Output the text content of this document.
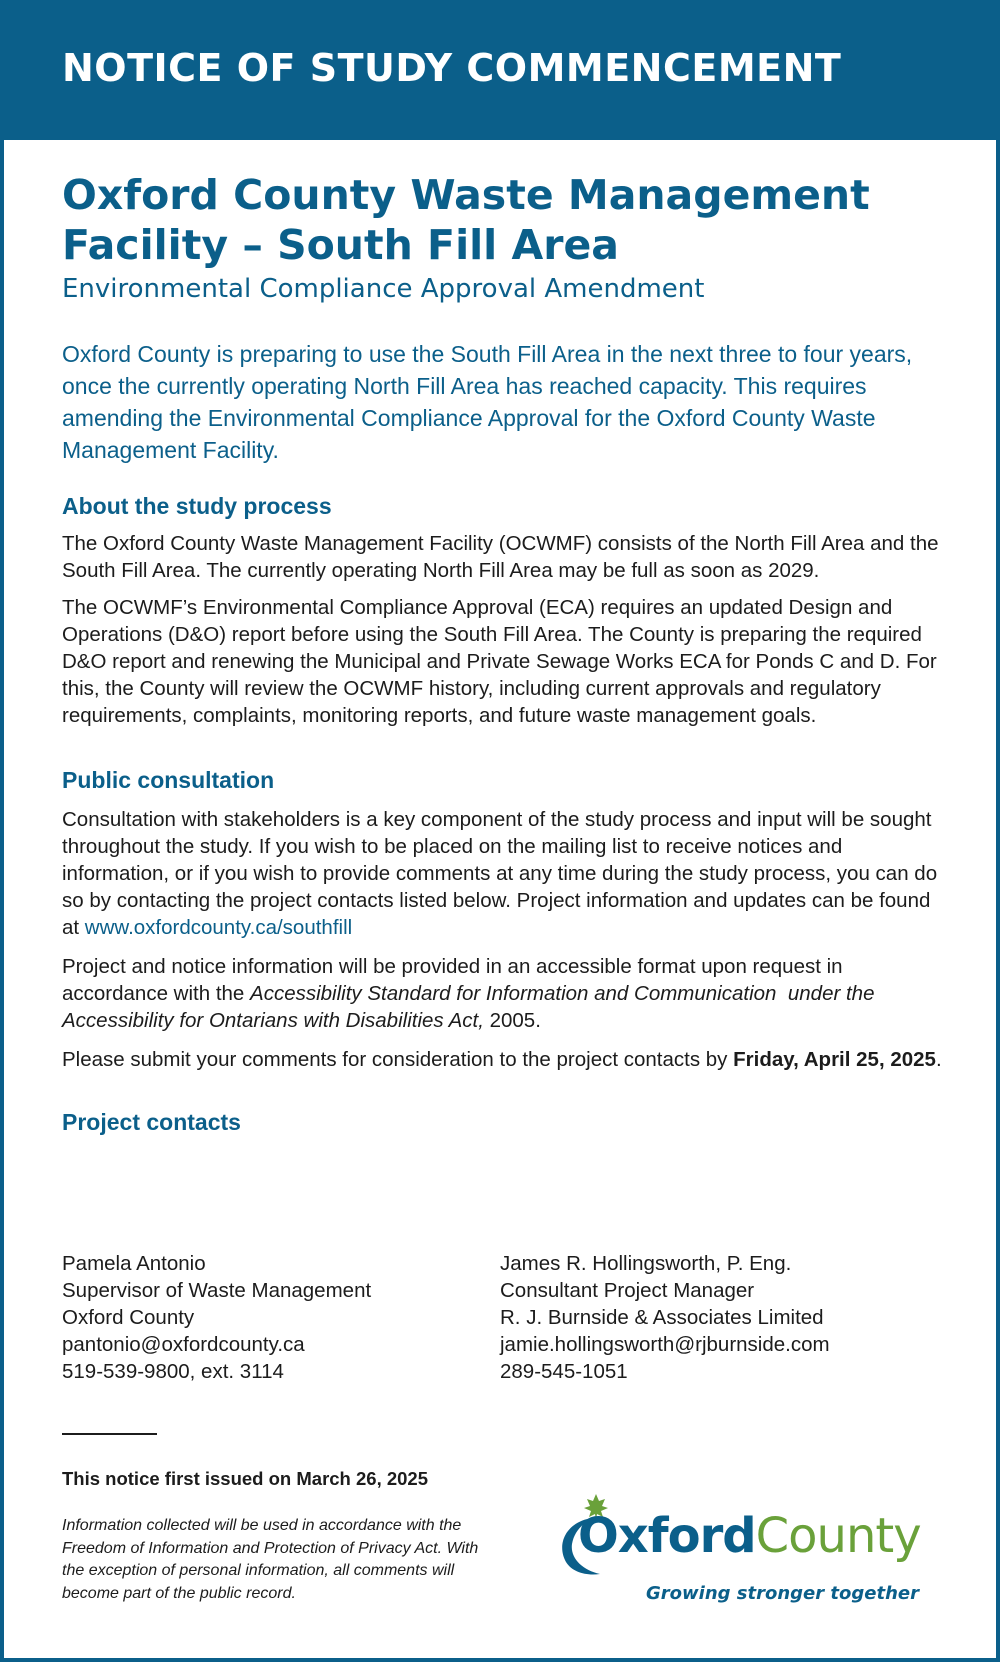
NOTICE OF STUDY COMMENCEMENT
Oxford County Waste Management
Facility – South Fill Area
Environmental Compliance Approval Amendment

Oxford County is preparing to use the South Fill Area in the next three to four years, once the currently operating North Fill Area has reached capacity. This requires amending the Environmental Compliance Approval for the Oxford County Waste Management Facility.

About the study process

The Oxford County Waste Management Facility (OCWMF) consists of the North Fill Area and the South Fill Area. The currently operating North Fill Area may be full as soon as 2029.

The OCWMF’s Environmental Compliance Approval (ECA) requires an updated Design and Operations (D&O) report before using the South Fill Area. The County is preparing the required D&O report and renewing the Municipal and Private Sewage Works ECA for Ponds C and D. For this, the County will review the OCWMF history, including current approvals and regulatory requirements, complaints, monitoring reports, and future waste management goals.

Public consultation

Consultation with stakeholders is a key component of the study process and input will be sought throughout the study. If you wish to be placed on the mailing list to receive notices and information, or if you wish to provide comments at any time during the study process, you can do so by contacting the project contacts listed below. Project information and updates can be found at www.oxfordcounty.ca/southfill

Project and notice information will be provided in an accessible format upon request in accordance with the Accessibility Standard for Information and Communication under the Accessibility for Ontarians with Disabilities Act, 2005.

Please submit your comments for consideration to the project contacts by Friday, April 25, 2025.

Project contacts
Pamela Antonio
Supervisor of Waste Management
Oxford County
pantonio@oxfordcounty.ca
519-539-9800, ext. 3114
James R. Hollingsworth, P. Eng.
Consultant Project Manager
R. J. Burnside & Associates Limited
jamie.hollingsworth@rjburnside.com
289-545-1051
This notice first issued on March 26, 2025
Information collected will be used in accordance with the Freedom of Information and Protection of Privacy Act. With the exception of personal information, all comments will become part of the public record.
OxfordCounty
Growing stronger together
